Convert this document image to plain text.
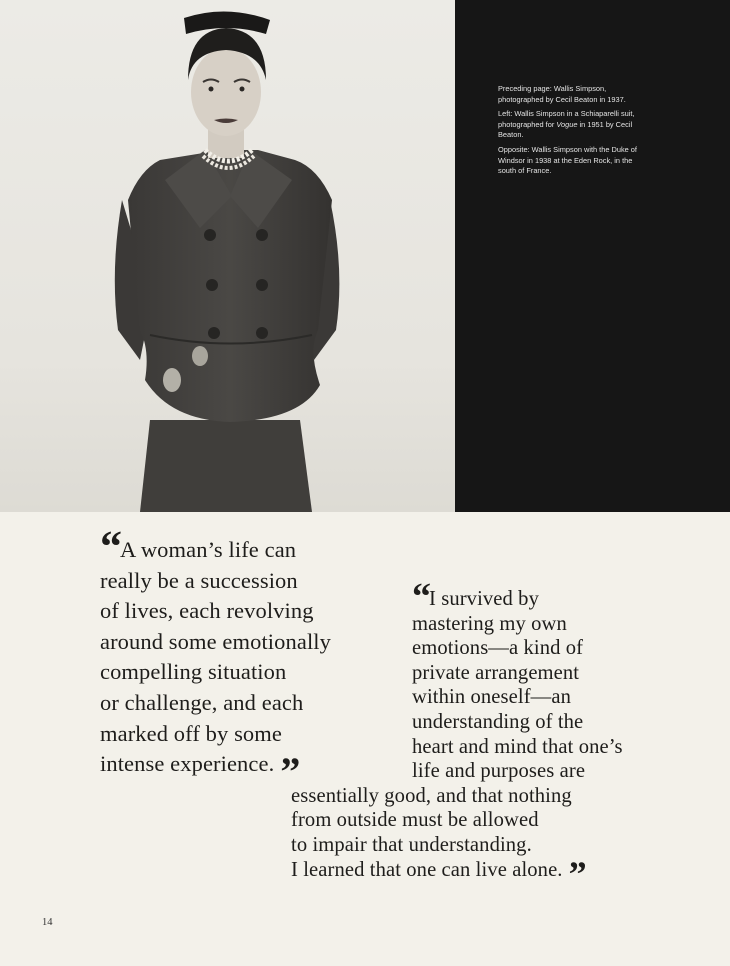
Preceding page: Wallis Simpson, photographed by Cecil Beaton in 1937.

Left: Wallis Simpson in a Schiaparelli suit, photographed for Vogue in 1951 by Cecil Beaton.

Opposite: Wallis Simpson with the Duke of Windsor in 1938 at the Eden Rock, in the south of France.

“ A woman’s life can
really be a succession
of lives, each revolving
around some emotionally
compelling situation
or challenge, and each
marked off by some
intense experience. ”
“ I survived by
mastering my own
emotions—a kind of
private arrangement
within oneself—an
understanding of the
heart and mind that one’s
life and purposes are
essentially good, and that nothing
from outside must be allowed
to impair that understanding.
I learned that one can live alone. ”
14
